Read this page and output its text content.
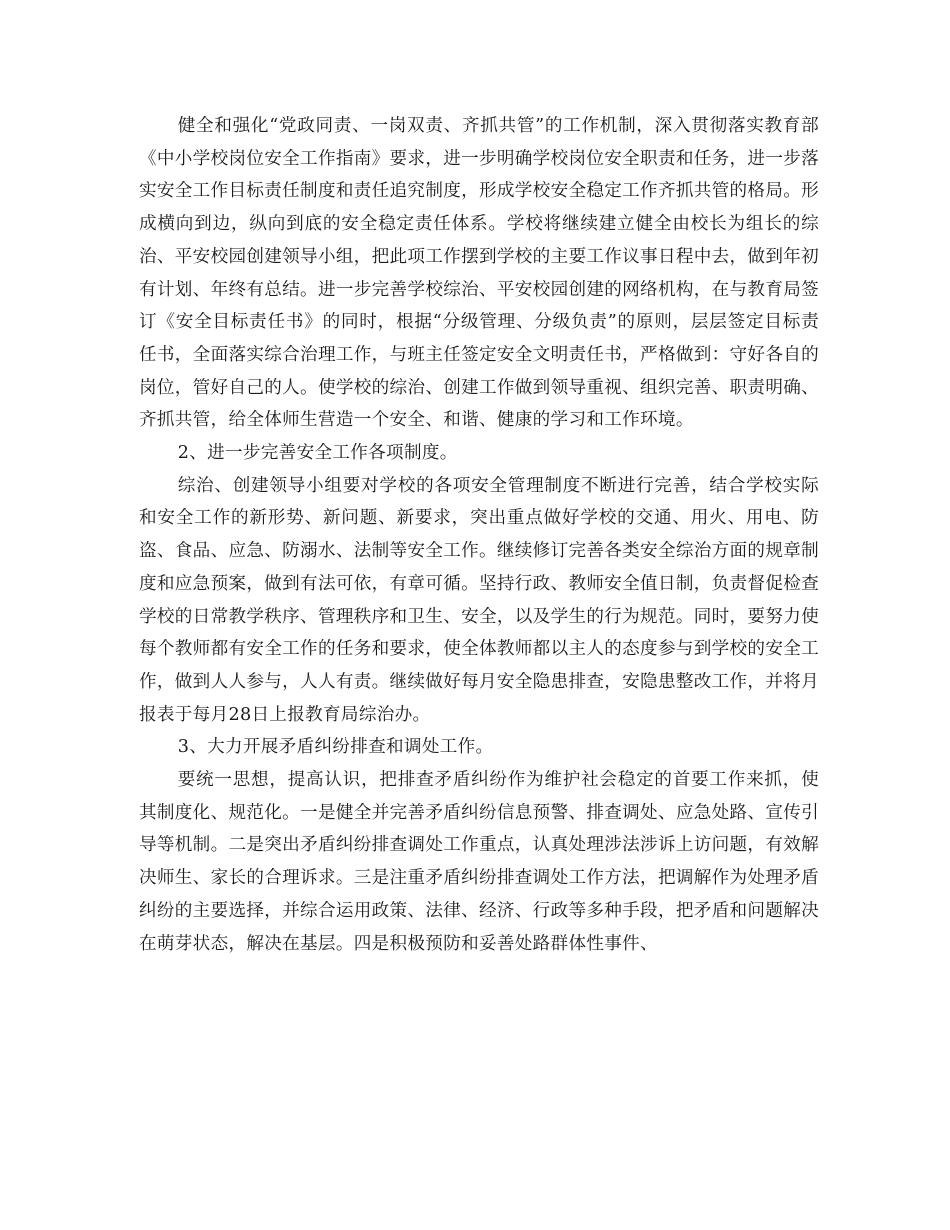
健全和强化“党政同责、一岗双责、齐抓共管”的工作机制，深入贯彻落实教育部《中小学校岗位安全工作指南》要求，进一步明确学校岗位安全职责和任务，进一步落实安全工作目标责任制度和责任追究制度，形成学校安全稳定工作齐抓共管的格局。形成横向到边，纵向到底的安全稳定责任体系。学校将继续建立健全由校长为组长的综治、平安校园创建领导小组，把此项工作摆到学校的主要工作议事日程中去，做到年初有计划、年终有总结。进一步完善学校综治、平安校园创建的网络机构，在与教育局签订《安全目标责任书》的同时，根据“分级管理、分级负责”的原则，层层签定目标责任书，全面落实综合治理工作，与班主任签定安全文明责任书，严格做到：守好各自的岗位，管好自己的人。使学校的综治、创建工作做到领导重视、组织完善、职责明确、齐抓共管，给全体师生营造一个安全、和谐、健康的学习和工作环境。

2、进一步完善安全工作各项制度。

综治、创建领导小组要对学校的各项安全管理制度不断进行完善，结合学校实际和安全工作的新形势、新问题、新要求，突出重点做好学校的交通、用火、用电、防盗、食品、应急、防溺水、法制等安全工作。继续修订完善各类安全综治方面的规章制度和应急预案，做到有法可依，有章可循。坚持行政、教师安全值日制，负责督促检查学校的日常教学秩序、管理秩序和卫生、安全，以及学生的行为规范。同时，要努力使每个教师都有安全工作的任务和要求，使全体教师都以主人的态度参与到学校的安全工作，做到人人参与，人人有责。继续做好每月安全隐患排查，安隐患整改工作，并将月报表于每月28日上报教育局综治办。

3、大力开展矛盾纠纷排查和调处工作。

要统一思想，提高认识，把排查矛盾纠纷作为维护社会稳定的首要工作来抓，使其制度化、规范化。一是健全并完善矛盾纠纷信息预警、排查调处、应急处路、宣传引导等机制。二是突出矛盾纠纷排查调处工作重点，认真处理涉法涉诉上访问题，有效解决师生、家长的合理诉求。三是注重矛盾纠纷排查调处工作方法，把调解作为处理矛盾纠纷的主要选择，并综合运用政策、法律、经济、行政等多种手段，把矛盾和问题解决在萌芽状态，解决在基层。四是积极预防和妥善处路群体性事件、
